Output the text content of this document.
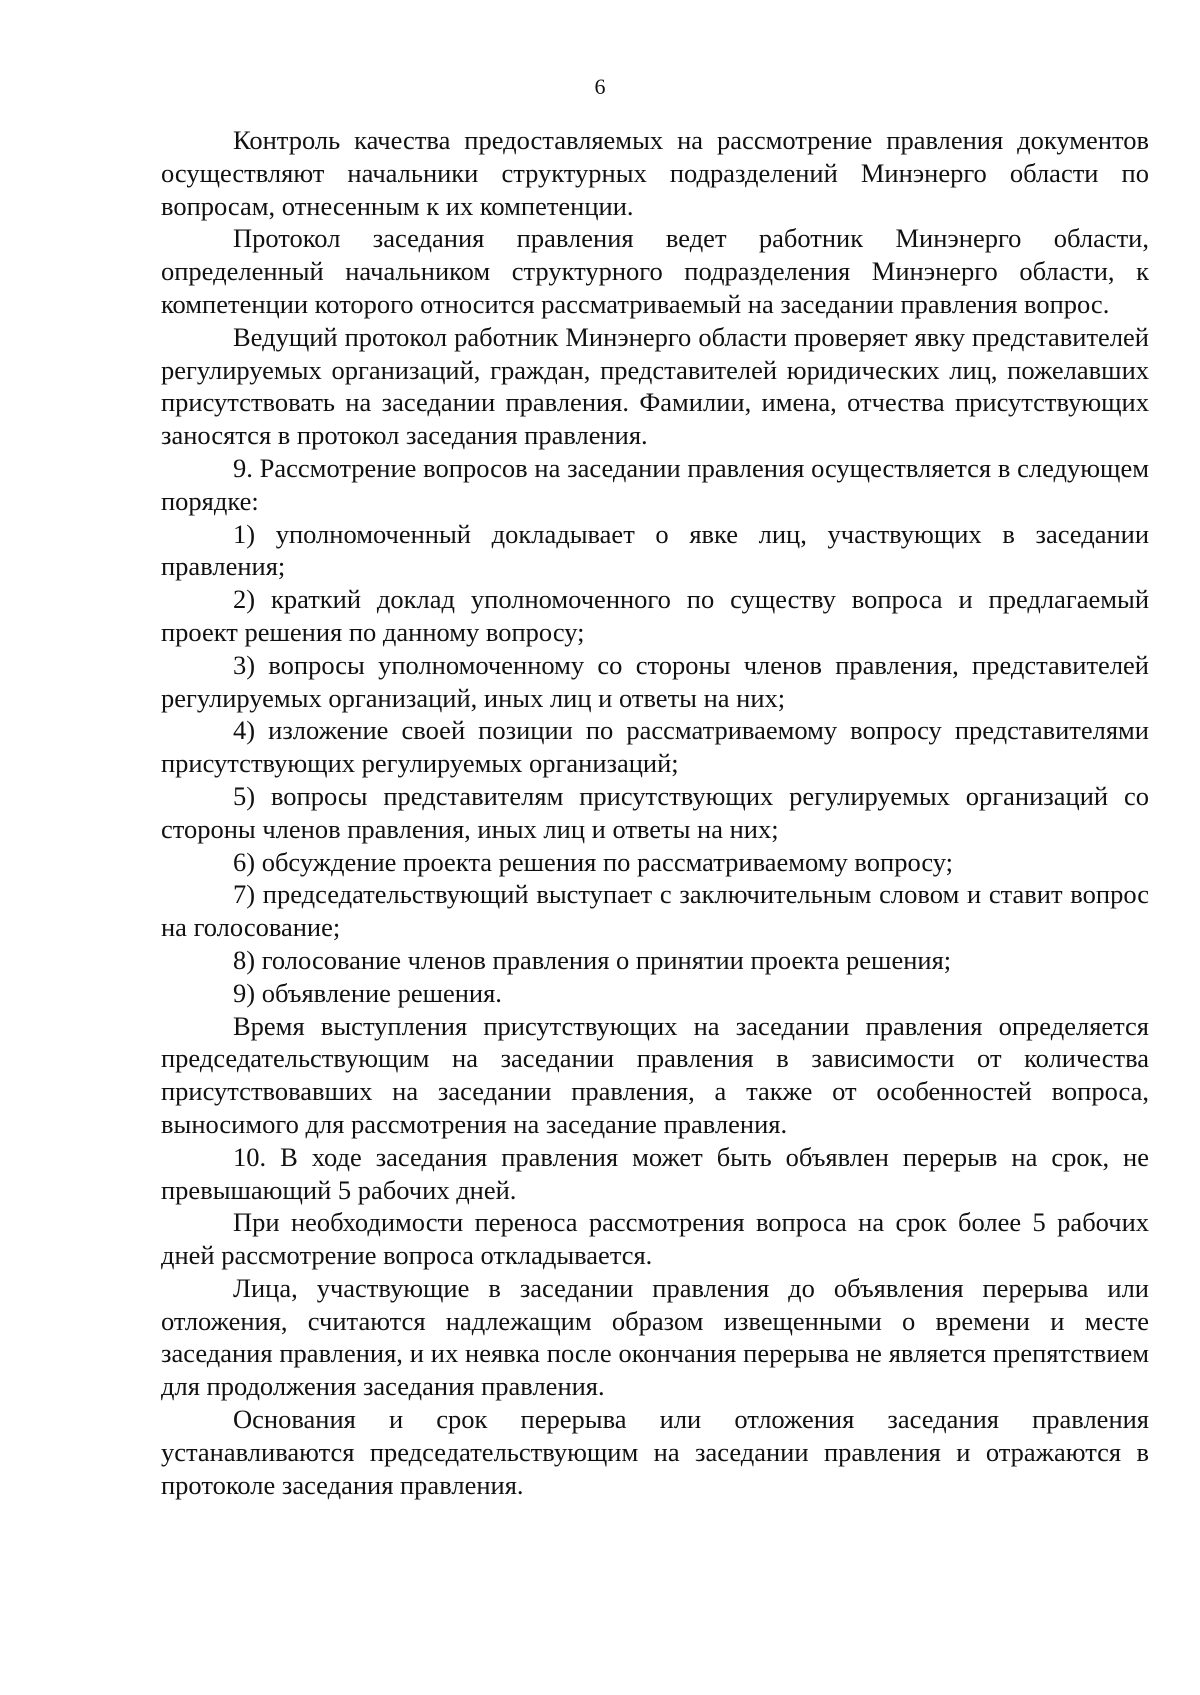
6

Контроль качества предоставляемых на рассмотрение правления документов осуществляют начальники структурных подразделений Минэнерго области по вопросам, отнесенным к их компетенции.

Протокол заседания правления ведет работник Минэнерго области, определенный начальником структурного подразделения Минэнерго области, к компетенции которого относится рассматриваемый на заседании правления вопрос.

Ведущий протокол работник Минэнерго области проверяет явку представителей регулируемых организаций, граждан, представителей юридических лиц, пожелавших присутствовать на заседании правления. Фамилии, имена, отчества присутствующих заносятся в протокол заседания правления.

9. Рассмотрение вопросов на заседании правления осуществляется в следующем порядке:

1) уполномоченный докладывает о явке лиц, участвующих в заседании правления;

2) краткий доклад уполномоченного по существу вопроса и предлагаемый проект решения по данному вопросу;

3) вопросы уполномоченному со стороны членов правления, представителей регулируемых организаций, иных лиц и ответы на них;

4) изложение своей позиции по рассматриваемому вопросу представителями присутствующих регулируемых организаций;

5) вопросы представителям присутствующих регулируемых организаций со стороны членов правления, иных лиц и ответы на них;

6) обсуждение проекта решения по рассматриваемому вопросу;

7) председательствующий выступает с заключительным словом и ставит вопрос на голосование;

8) голосование членов правления о принятии проекта решения;

9) объявление решения.

Время выступления присутствующих на заседании правления определяется председательствующим на заседании правления в зависимости от количества присутствовавших на заседании правления, а также от особенностей вопроса, выносимого для рассмотрения на заседание правления.

10. В ходе заседания правления может быть объявлен перерыв на срок, не превышающий 5 рабочих дней.

При необходимости переноса рассмотрения вопроса на срок более 5 рабочих дней рассмотрение вопроса откладывается.

Лица, участвующие в заседании правления до объявления перерыва или отложения, считаются надлежащим образом извещенными о времени и месте заседания правления, и их неявка после окончания перерыва не является препятствием для продолжения заседания правления.

Основания и срок перерыва или отложения заседания правления устанавливаются председательствующим на заседании правления и отражаются в протоколе заседания правления.
